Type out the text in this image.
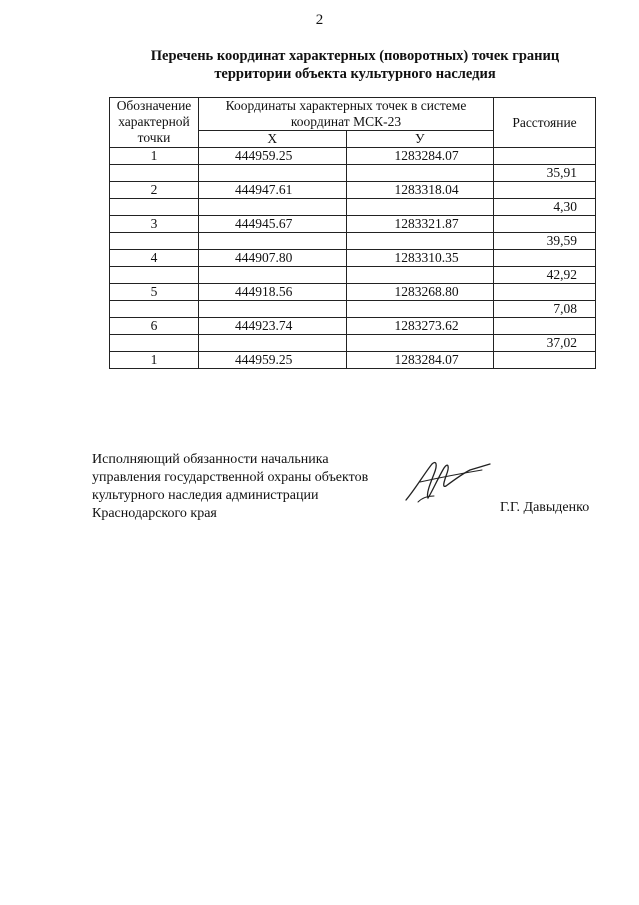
2
Перечень координат характерных (поворотных) точек границ
территории объекта культурного наследия
Обозначение
характерной
точки	Координаты характерных точек в системе
координат МСК-23		Расстояние
	Х	У	
1	444959.25	1283284.07	
			35,91
2	444947.61	1283318.04	
			4,30
3	444945.67	1283321.87	
			39,59
4	444907.80	1283310.35	
			42,92
5	444918.56	1283268.80	
			7,08
6	444923.74	1283273.62	
			37,02
1	444959.25	1283284.07	
Исполняющий обязанности начальника
управления государственной охраны объектов
культурного наследия администрации
Краснодарского края	Г.Г. Давыденко
